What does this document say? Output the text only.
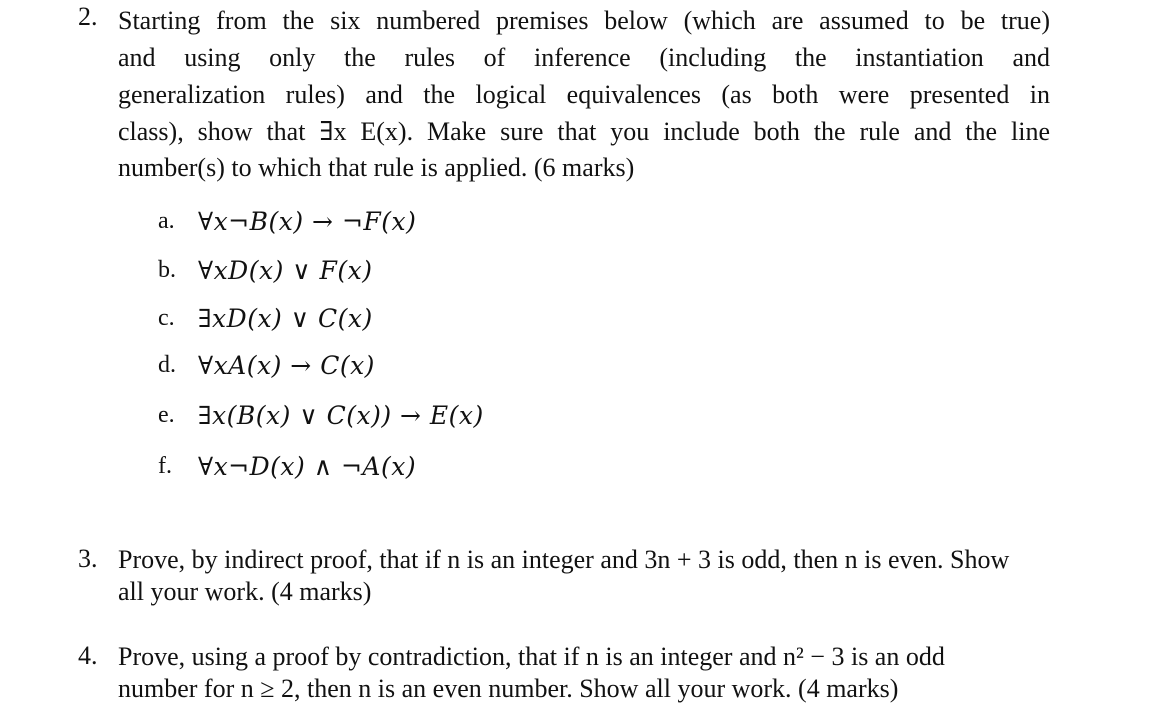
2. Starting from the six numbered premises below (which are assumed to be true)
and using only the rules of inference (including the instantiation and
generalization rules) and the logical equivalences (as both were presented in
class), show that ∃x E(x). Make sure that you include both the rule and the line
number(s) to which that rule is applied. (6 marks)
a. ∀x¬B(x) → ¬F(x)
b. ∀xD(x) ∨ F(x)
c. ∃xD(x) ∨ C(x)
d. ∀xA(x) → C(x)
e. ∃x(B(x) ∨ C(x)) → E(x)
f. ∀x¬D(x) ∧ ¬A(x)
3. Prove, by indirect proof, that if n is an integer and 3n + 3 is odd, then n is even. Show
all your work. (4 marks)
4. Prove, using a proof by contradiction, that if n is an integer and n² − 3 is an odd
number for n ≥ 2, then n is an even number. Show all your work. (4 marks)
